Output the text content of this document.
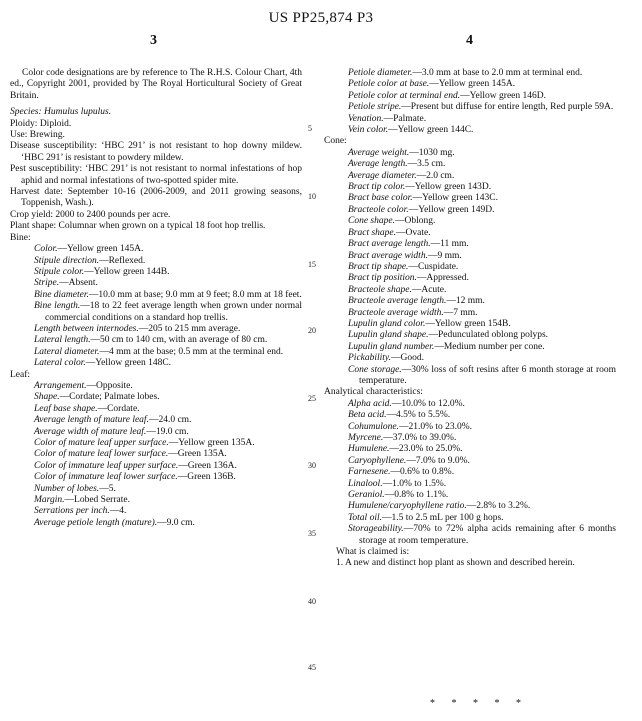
US PP25,874 P3
3	4

Color code designations are by reference to The R.H.S. Colour Chart, 4th ed., Copyright 2001, provided by The Royal Horticultural Society of Great Britain.

Species: Humulus lupulus.

Ploidy: Diploid.

Use: Brewing.

Disease susceptibility: ‘HBC 291’ is not resistant to hop downy mildew. ‘HBC 291’ is resistant to powdery mildew.

Pest susceptibility: ‘HBC 291’ is not resistant to normal infestations of hop aphid and normal infestations of two-spotted spider mite.

Harvest date: September 10-16 (2006-2009, and 2011 growing seasons, Toppenish, Wash.).

Crop yield: 2000 to 2400 pounds per acre.

Plant shape: Columnar when grown on a typical 18 foot hop trellis.

Bine:

Color.—Yellow green 145A.

Stipule direction.—Reflexed.

Stipule color.—Yellow green 144B.

Stripe.—Absent.

Bine diameter.—10.0 mm at base; 9.0 mm at 9 feet; 8.0 mm at 18 feet.

Bine length.—18 to 22 feet average length when grown under normal commercial conditions on a standard hop trellis.

Length between internodes.—205 to 215 mm average.

Lateral length.—50 cm to 140 cm, with an average of 80 cm.

Lateral diameter.—4 mm at the base; 0.5 mm at the terminal end.

Lateral color.—Yellow green 148C.

Leaf:

Arrangement.—Opposite.

Shape.—Cordate; Palmate lobes.

Leaf base shape.—Cordate.

Average length of mature leaf.—24.0 cm.

Average width of mature leaf.—19.0 cm.

Color of mature leaf upper surface.—Yellow green 135A.

Color of mature leaf lower surface.—Green 135A.

Color of immature leaf upper surface.—Green 136A.

Color of immature leaf lower surface.—Green 136B.

Number of lobes.—5.

Margin.—Lobed Serrate.

Serrations per inch.—4.

Average petiole length (mature).—9.0 cm.

Petiole diameter.—3.0 mm at base to 2.0 mm at terminal end.

Petiole color at base.—Yellow green 145A.

Petiole color at terminal end.—Yellow green 146D.

Petiole stripe.—Present but diffuse for entire length, Red purple 59A.

Venation.—Palmate.

Vein color.—Yellow green 144C.

Cone:

Average weight.—1030 mg.

Average length.—3.5 cm.

Average diameter.—2.0 cm.

Bract tip color.—Yellow green 143D.

Bract base color.—Yellow green 143C.

Bracteole color.—Yellow green 149D.

Cone shape.—Oblong.

Bract shape.—Ovate.

Bract average length.—11 mm.

Bract average width.—9 mm.

Bract tip shape.—Cuspidate.

Bract tip position.—Appressed.

Bracteole shape.—Acute.

Bracteole average length.—12 mm.

Bracteole average width.—7 mm.

Lupulin gland color.—Yellow green 154B.

Lupulin gland shape.—Pedunculated oblong polyps.

Lupulin gland number.—Medium number per cone.

Pickability.—Good.

Cone storage.—30% loss of soft resins after 6 month storage at room temperature.

Analytical characteristics:

Alpha acid.—10.0% to 12.0%.

Beta acid.—4.5% to 5.5%.

Cohumulone.—21.0% to 23.0%.

Myrcene.—37.0% to 39.0%.

Humulene.—23.0% to 25.0%.

Caryophyllene.—7.0% to 9.0%.

Farnesene.—0.6% to 0.8%.

Linalool.—1.0% to 1.5%.

Geraniol.—0.8% to 1.1%.

Humulene/caryophyllene ratio.—2.8% to 3.2%.

Total oil.—1.5 to 2.5 mL per 100 g hops.

Storageability.—70% to 72% alpha acids remaining after 6 months storage at room temperature.

What is claimed is:

1. A new and distinct hop plant as shown and described herein.

5
10
15
20
25
30
35
40
45
* * * * *
